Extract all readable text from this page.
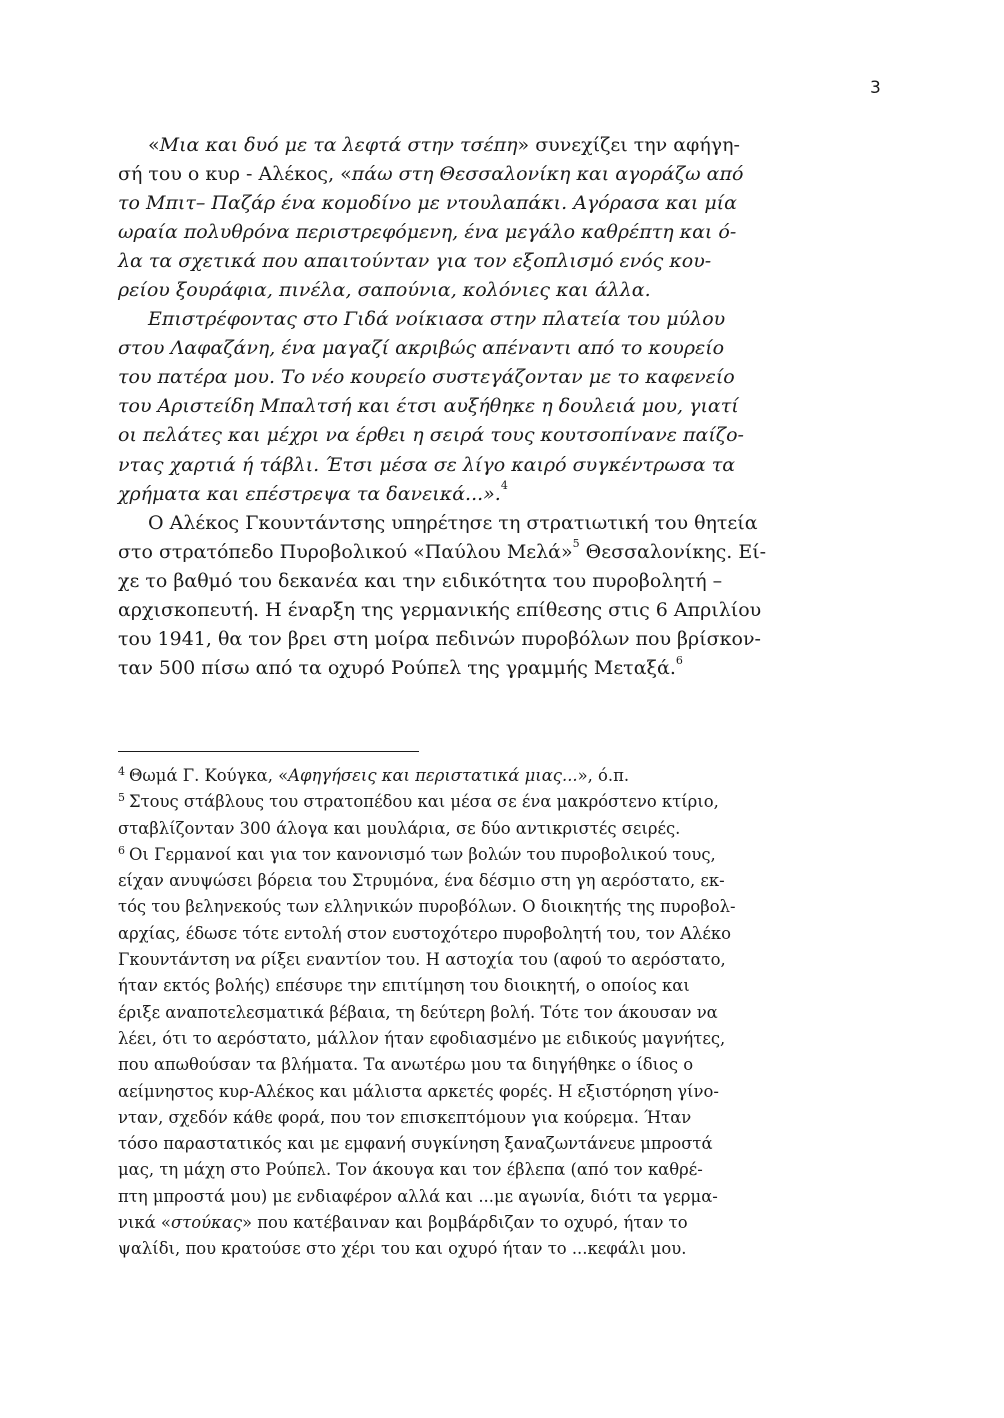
3
«Μια και δυό με τα λεφτά στην τσέπη» συνεχίζει την αφήγη-
σή του ο κυρ - Αλέκος, «πάω στη Θεσσαλονίκη και αγοράζω από
το Μπιτ– Παζάρ ένα κομοδίνο με ντουλαπάκι. Αγόρασα και μία
ωραία πολυθρόνα περιστρεφόμενη, ένα μεγάλο καθρέπτη και ό-
λα τα σχετικά που απαιτούνταν για τον εξοπλισμό ενός κου-
ρείου ξουράφια, πινέλα, σαπούνια, κολόνιες και άλλα.
Επιστρέφοντας στο Γιδά νοίκιασα στην πλατεία του μύλου
στου Λαφαζάνη, ένα μαγαζί ακριβώς απέναντι από το κουρείο
του πατέρα μου. Το νέο κουρείο συστεγάζονταν με το καφενείο
του Αριστείδη Μπαλτσή και έτσι αυξήθηκε η δουλειά μου, γιατί
οι πελάτες και μέχρι να έρθει η σειρά τους κουτσοπίνανε παίζο-
ντας χαρτιά ή τάβλι. Έτσι μέσα σε λίγο καιρό συγκέντρωσα τα
χρήματα και επέστρεψα τα δανεικά...».$^4$
Ο Αλέκος Γκουντάντσης υπηρέτησε τη στρατιωτική του θητεία
στο στρατόπεδο Πυροβολικού «Παύλου Μελά»$^5$ Θεσσαλονίκης. Εί-
χε το βαθμό του δεκανέα και την ειδικότητα του πυροβολητή –
αρχισκοπευτή. Η έναρξη της γερμανικής επίθεσης στις 6 Απριλίου
του 1941, θα τον βρει στη μοίρα πεδινών πυροβόλων που βρίσκον-
ταν 500 πίσω από τα οχυρό Ρούπελ της γραμμής Μεταξά.$^6$
$^4$ Θωμά Γ. Κούγκα, «Αφηγήσεις και περιστατικά μιας...», ό.π.
$^5$ Στους στάβλους του στρατοπέδου και μέσα σε ένα μακρόστενο κτίριο,
σταβλίζονταν 300 άλογα και μουλάρια, σε δύο αντικριστές σειρές.
$^6$ Οι Γερμανοί και για τον κανονισμό των βολών του πυροβολικού τους,
είχαν ανυψώσει βόρεια του Στρυμόνα, ένα δέσμιο στη γη αερόστατο, εκ-
τός του βεληνεκούς των ελληνικών πυροβόλων. Ο διοικητής της πυροβολ-
αρχίας, έδωσε τότε εντολή στον ευστοχότερο πυροβολητή του, τον Αλέκο
Γκουντάντση να ρίξει εναντίον του. Η αστοχία του (αφού το αερόστατο,
ήταν εκτός βολής) επέσυρε την επιτίμηση του διοικητή, ο οποίος και
έριξε αναποτελεσματικά βέβαια, τη δεύτερη βολή. Τότε τον άκουσαν να
λέει, ότι το αερόστατο, μάλλον ήταν εφοδιασμένο με ειδικούς μαγνήτες,
που απωθούσαν τα βλήματα. Τα ανωτέρω μου τα διηγήθηκε ο ίδιος ο
αείμνηστος κυρ-Αλέκος και μάλιστα αρκετές φορές. Η εξιστόρηση γίνο-
νταν, σχεδόν κάθε φορά, που τον επισκεπτόμουν για κούρεμα. Ήταν
τόσο παραστατικός και με εμφανή συγκίνηση ξαναζωντάνευε μπροστά
μας, τη μάχη στο Ρούπελ. Τον άκουγα και τον έβλεπα (από τον καθρέ-
πτη μπροστά μου) με ενδιαφέρον αλλά και ...με αγωνία, διότι τα γερμα-
νικά «στούκας» που κατέβαιναν και βομβάρδιζαν το οχυρό, ήταν το
ψαλίδι, που κρατούσε στο χέρι του και οχυρό ήταν το ...κεφάλι μου.
